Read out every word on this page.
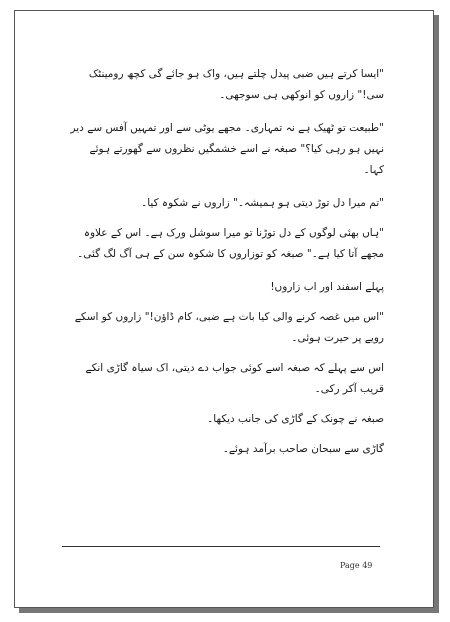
"ایسا کرتے ہیں ضبی پیدل چلتے ہیں، واک ہو جائے گی کچھ رومینٹک سی!" زاروں کو انوکھی ہی سوجھی۔

"طبیعت تو ٹھیک ہے نہ تمہاری۔ مجھے یوٹی سے اور تمہیں آفس سے دیر نہیں ہو رہی کیا؟" صبغہ نے اسے خشمگیں نظروں سے گھورتے ہوئے کہا۔

"تم میرا دل توڑ دیتی ہو ہمیشہ۔" زاروں نے شکوہ کیا۔

"ہاں بھئی لوگوں کے دل توڑنا تو میرا سوشل ورک ہے۔ اس کے علاوہ مجھے آتا کیا ہے۔" صبغہ کو توزاروں کا شکوہ سن کے ہی آگ لگ گئی۔

پہلے اسفند اور اب زاروں!

"اس میں غصہ کرنے والی کیا بات ہے ضبی، کام ڈاؤن!" زاروں کو اسکے رویے پر حیرت ہوئی۔

اس سے پہلے کہ صبغہ اسے کوئی جواب دے دیتی، اک سیاہ گاڑی انکے قریب آکر رکی۔

صبغہ نے چونک کے گاڑی کی جانب دیکھا۔

گاڑی سے سبحان صاحب برآمد ہوئے۔

Page 49
